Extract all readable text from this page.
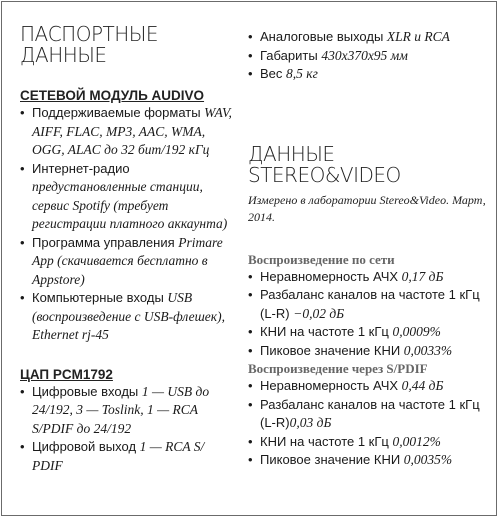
ПАСПОРТНЫЕ
ДАННЫЕ
СЕТЕВОЙ МОДУЛЬ AUDIVO
• Поддерживаемые форматы WAV, AIFF, FLAC, MP3, AAC, WMA, OGG, ALAC до 32 бит/192 кГц
• Интернет-радио предустановленные станции, сервис Spotify (требует регистрации платного аккаунта)
• Программа управления Primare App (скачивается бесплатно в Appstore)
• Компьютерные входы USB (воспроизведение с USB-флешек), Ethernet rj-45
ЦАП PCM1792
• Цифровые входы 1 — USB до 24/192, 3 — Toslink, 1 — RCA S/PDIF до 24/192
• Цифровой выход 1 — RCA S/ PDIF
• Аналоговые выходы XLR и RCA
• Габариты 430x370x95 мм
• Вес 8,5 кг
ДАННЫЕ
STEREO&VIDEO

Измерено в лаборатории Stereo&Video. Март, 2014.

Воспроизведение по сети
• Неравномерность АЧХ 0,17 дБ
• Разбаланс каналов на частоте 1 кГц (L-R) −0,02 дБ
• КНИ на частоте 1 кГц 0,0009%
• Пиковое значение КНИ 0,0033%
Воспроизведение через S/PDIF
• Неравномерность АЧХ 0,44 дБ
• Разбаланс каналов на частоте 1 кГц (L-R)0,03 дБ
• КНИ на частоте 1 кГц 0,0012%
• Пиковое значение КНИ 0,0035%
